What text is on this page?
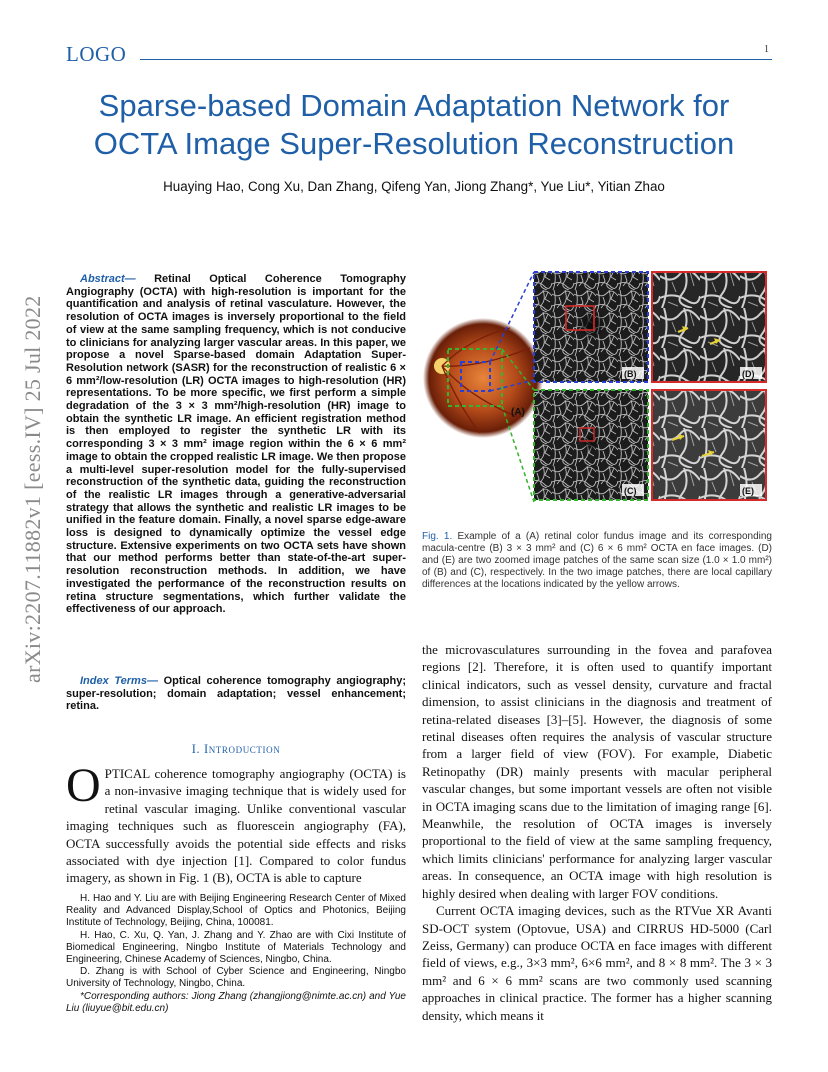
LOGO	1
Sparse-based Domain Adaptation Network for
OCTA Image Super-Resolution Reconstruction
Huaying Hao, Cong Xu, Dan Zhang, Qifeng Yan, Jiong Zhang*, Yue Liu*, Yitian Zhao
arXiv:2207.11882v1 [eess.IV] 25 Jul 2022
Abstract— Retinal Optical Coherence Tomography Angiography (OCTA) with high-resolution is important for the quantification and analysis of retinal vasculature. However, the resolution of OCTA images is inversely proportional to the field of view at the same sampling frequency, which is not conducive to clinicians for analyzing larger vascular areas. In this paper, we propose a novel Sparse-based domain Adaptation Super-Resolution network (SASR) for the reconstruction of realistic 6 × 6 mm²/low-resolution (LR) OCTA images to high-resolution (HR) representations. To be more specific, we first perform a simple degradation of the 3 × 3 mm²/high-resolution (HR) image to obtain the synthetic LR image. An efficient registration method is then employed to register the synthetic LR with its corresponding 3 × 3 mm² image region within the 6 × 6 mm² image to obtain the cropped realistic LR image. We then propose a multi-level super-resolution model for the fully-supervised reconstruction of the synthetic data, guiding the reconstruction of the realistic LR images through a generative-adversarial strategy that allows the synthetic and realistic LR images to be unified in the feature domain. Finally, a novel sparse edge-aware loss is designed to dynamically optimize the vessel edge structure. Extensive experiments on two OCTA sets have shown that our method performs better than state-of-the-art super-resolution reconstruction methods. In addition, we have investigated the performance of the reconstruction results on retina structure segmentations, which further validate the effectiveness of our approach.
Index Terms— Optical coherence tomography angiography; super-resolution; domain adaptation; vessel enhancement; retina.
I. Introduction
OPTICAL coherence tomography angiography (OCTA) is a non-invasive imaging technique that is widely used for retinal vascular imaging. Unlike conventional vascular imaging techniques such as fluorescein angiography (FA), OCTA successfully avoids the potential side effects and risks associated with dye injection [1]. Compared to color fundus imagery, as shown in Fig. 1 (B), OCTA is able to capture

H. Hao and Y. Liu are with Beijing Engineering Research Center of Mixed Reality and Advanced Display,School of Optics and Photonics, Beijing Institute of Technology, Beijing, China, 100081.

H. Hao, C. Xu, Q. Yan, J. Zhang and Y. Zhao are with Cixi Institute of Biomedical Engineering, Ningbo Institute of Materials Technology and Engineering, Chinese Academy of Sciences, Ningbo, China.

D. Zhang is with School of Cyber Science and Engineering, Ningbo University of Technology, Ningbo, China.

*Corresponding authors: Jiong Zhang (zhangjiong@nimte.ac.cn) and Yue Liu (liuyue@bit.edu.cn)

(A)
(B)
(C)
(D)
(E)
Fig. 1. Example of a (A) retinal color fundus image and its corresponding macula-centre (B) 3 × 3 mm² and (C) 6 × 6 mm² OCTA en face images. (D) and (E) are two zoomed image patches of the same scan size (1.0 × 1.0 mm²) of (B) and (C), respectively. In the two image patches, there are local capillary differences at the locations indicated by the yellow arrows.

the microvasculatures surrounding in the fovea and parafovea regions [2]. Therefore, it is often used to quantify important clinical indicators, such as vessel density, curvature and fractal dimension, to assist clinicians in the diagnosis and treatment of retina-related diseases [3]–[5]. However, the diagnosis of some retinal diseases often requires the analysis of vascular structure from a larger field of view (FOV). For example, Diabetic Retinopathy (DR) mainly presents with macular peripheral vascular changes, but some important vessels are often not visible in OCTA imaging scans due to the limitation of imaging range [6]. Meanwhile, the resolution of OCTA images is inversely proportional to the field of view at the same sampling frequency, which limits clinicians' performance for analyzing larger vascular areas. In consequence, an OCTA image with high resolution is highly desired when dealing with larger FOV conditions.

Current OCTA imaging devices, such as the RTVue XR Avanti SD-OCT system (Optovue, USA) and CIRRUS HD-5000 (Carl Zeiss, Germany) can produce OCTA en face images with different field of views, e.g., 3×3 mm², 6×6 mm², and 8 × 8 mm². The 3 × 3 mm² and 6 × 6 mm² scans are two commonly used scanning approaches in clinical practice. The former has a higher scanning density, which means it
